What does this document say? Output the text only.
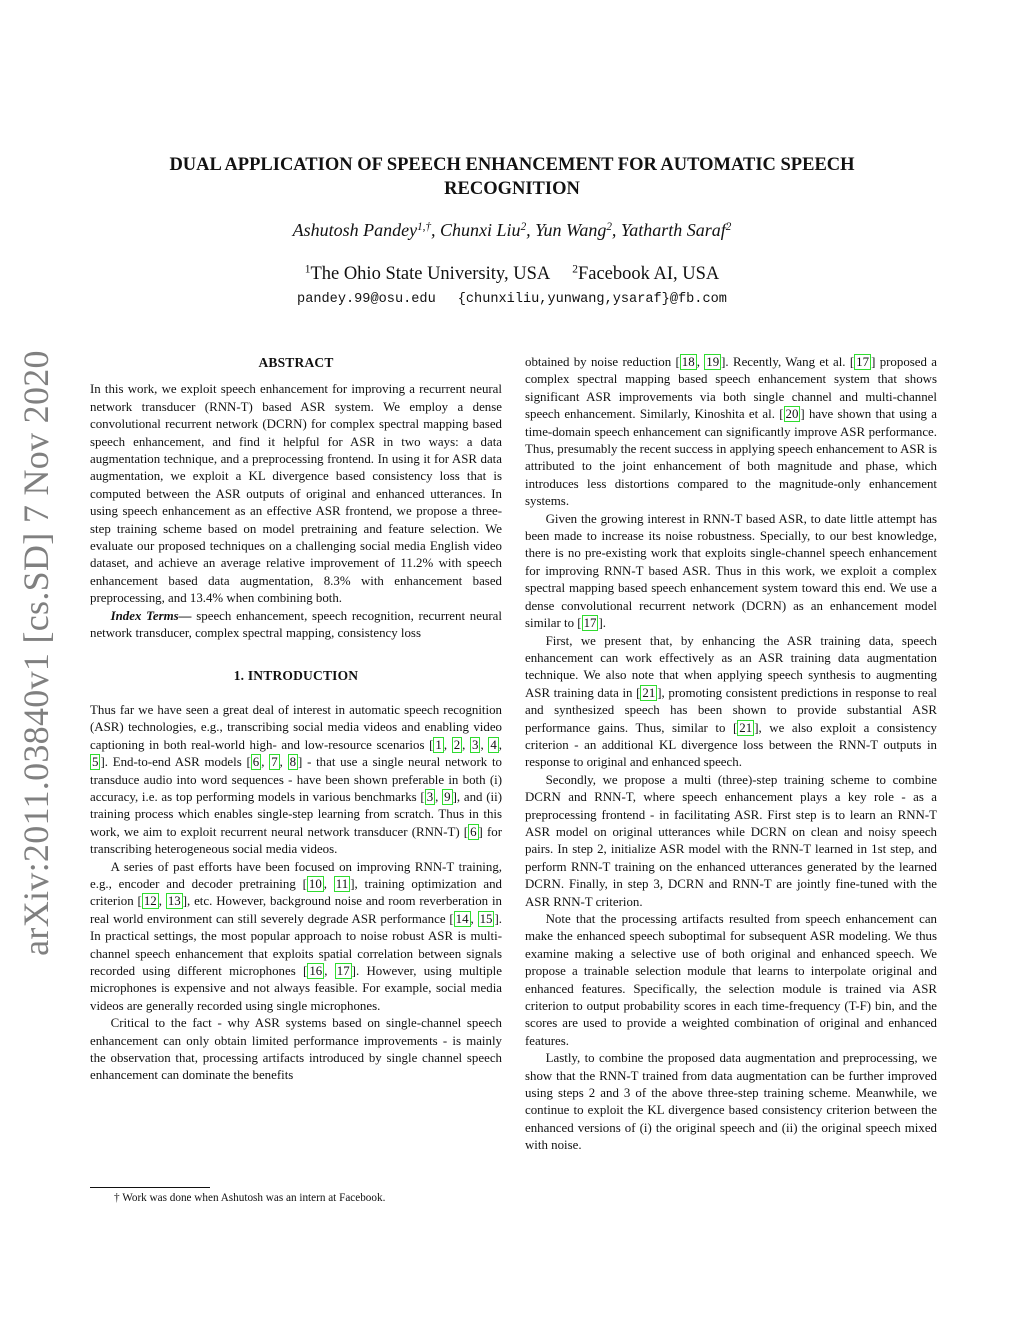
arXiv:2011.03840v1 [cs.SD] 7 Nov 2020
DUAL APPLICATION OF SPEECH ENHANCEMENT FOR AUTOMATIC SPEECH RECOGNITION
Ashutosh Pandey$^{1,\dagger}$, Chunxi Liu$^2$, Yun Wang$^2$, Yatharth Saraf$^2$
$^1$The Ohio State University, USA $^2$Facebook AI, USA
pandey.99@osu.edu {chunxiliu,yunwang,ysaraf}@fb.com
ABSTRACT

In this work, we exploit speech enhancement for improving a recurrent neural network transducer (RNN-T) based ASR system. We employ a dense convolutional recurrent network (DCRN) for complex spectral mapping based speech enhancement, and find it helpful for ASR in two ways: a data augmentation technique, and a preprocessing frontend. In using it for ASR data augmentation, we exploit a KL divergence based consistency loss that is computed between the ASR outputs of original and enhanced utterances. In using speech enhancement as an effective ASR frontend, we propose a three-step training scheme based on model pretraining and feature selection. We evaluate our proposed techniques on a challenging social media English video dataset, and achieve an average relative improvement of 11.2% with speech enhancement based data augmentation, 8.3% with enhancement based preprocessing, and 13.4% when combining both.

Index Terms— speech enhancement, speech recognition, recurrent neural network transducer, complex spectral mapping, consistency loss

1. INTRODUCTION

Thus far we have seen a great deal of interest in automatic speech recognition (ASR) technologies, e.g., transcribing social media videos and enabling video captioning in both real-world high- and low-resource scenarios [ 1 , 2 , 3 , 4 , 5 ]. End-to-end ASR models [ 6 , 7 , 8 ] - that use a single neural network to transduce audio into word sequences - have been shown preferable in both (i) accuracy, i.e. as top performing models in various benchmarks [ 3 , 9 ], and (ii) training process which enables single-step learning from scratch. Thus in this work, we aim to exploit recurrent neural network transducer (RNN-T) [ 6 ] for transcribing heterogeneous social media videos.

A series of past efforts have been focused on improving RNN-T training, e.g., encoder and decoder pretraining [ 10 , 11 ], training optimization and criterion [ 12 , 13 ], etc. However, background noise and room reverberation in real world environment can still severely degrade ASR performance [ 14 , 15 ]. In practical settings, the most popular approach to noise robust ASR is multi-channel speech enhancement that exploits spatial correlation between signals recorded using different microphones [ 16 , 17 ]. However, using multiple microphones is expensive and not always feasible. For example, social media videos are generally recorded using single microphones.

Critical to the fact - why ASR systems based on single-channel speech enhancement can only obtain limited performance improvements - is mainly the observation that, processing artifacts introduced by single channel speech enhancement can dominate the benefits

obtained by noise reduction [ 18 , 19 ]. Recently, Wang et al. [ 17 ] proposed a complex spectral mapping based speech enhancement system that shows significant ASR improvements via both single channel and multi-channel speech enhancement. Similarly, Kinoshita et al. [ 20 ] have shown that using a time-domain speech enhancement can significantly improve ASR performance. Thus, presumably the recent success in applying speech enhancement to ASR is attributed to the joint enhancement of both magnitude and phase, which introduces less distortions compared to the magnitude-only enhancement systems.

Given the growing interest in RNN-T based ASR, to date little attempt has been made to increase its noise robustness. Specially, to our best knowledge, there is no pre-existing work that exploits single-channel speech enhancement for improving RNN-T based ASR. Thus in this work, we exploit a complex spectral mapping based speech enhancement system toward this end. We use a dense convolutional recurrent network (DCRN) as an enhancement model similar to [ 17 ].

First, we present that, by enhancing the ASR training data, speech enhancement can work effectively as an ASR training data augmentation technique. We also note that when applying speech synthesis to augmenting ASR training data in [ 21 ], promoting consistent predictions in response to real and synthesized speech has been shown to provide substantial ASR performance gains. Thus, similar to [ 21 ], we also exploit a consistency criterion - an additional KL divergence loss between the RNN-T outputs in response to original and enhanced speech.

Secondly, we propose a multi (three)-step training scheme to combine DCRN and RNN-T, where speech enhancement plays a key role - as a preprocessing frontend - in facilitating ASR. First step is to learn an RNN-T ASR model on original utterances while DCRN on clean and noisy speech pairs. In step 2, initialize ASR model with the RNN-T learned in 1st step, and perform RNN-T training on the enhanced utterances generated by the learned DCRN. Finally, in step 3, DCRN and RNN-T are jointly fine-tuned with the ASR RNN-T criterion.

Note that the processing artifacts resulted from speech enhancement can make the enhanced speech suboptimal for subsequent ASR modeling. We thus examine making a selective use of both original and enhanced speech. We propose a trainable selection module that learns to interpolate original and enhanced features. Specifically, the selection module is trained via ASR criterion to output probability scores in each time-frequency (T-F) bin, and the scores are used to provide a weighted combination of original and enhanced features.

Lastly, to combine the proposed data augmentation and preprocessing, we show that the RNN-T trained from data augmentation can be further improved using steps 2 and 3 of the above three-step training scheme. Meanwhile, we continue to exploit the KL divergence based consistency criterion between the enhanced versions of (i) the original speech and (ii) the original speech mixed with noise.

† Work was done when Ashutosh was an intern at Facebook.
